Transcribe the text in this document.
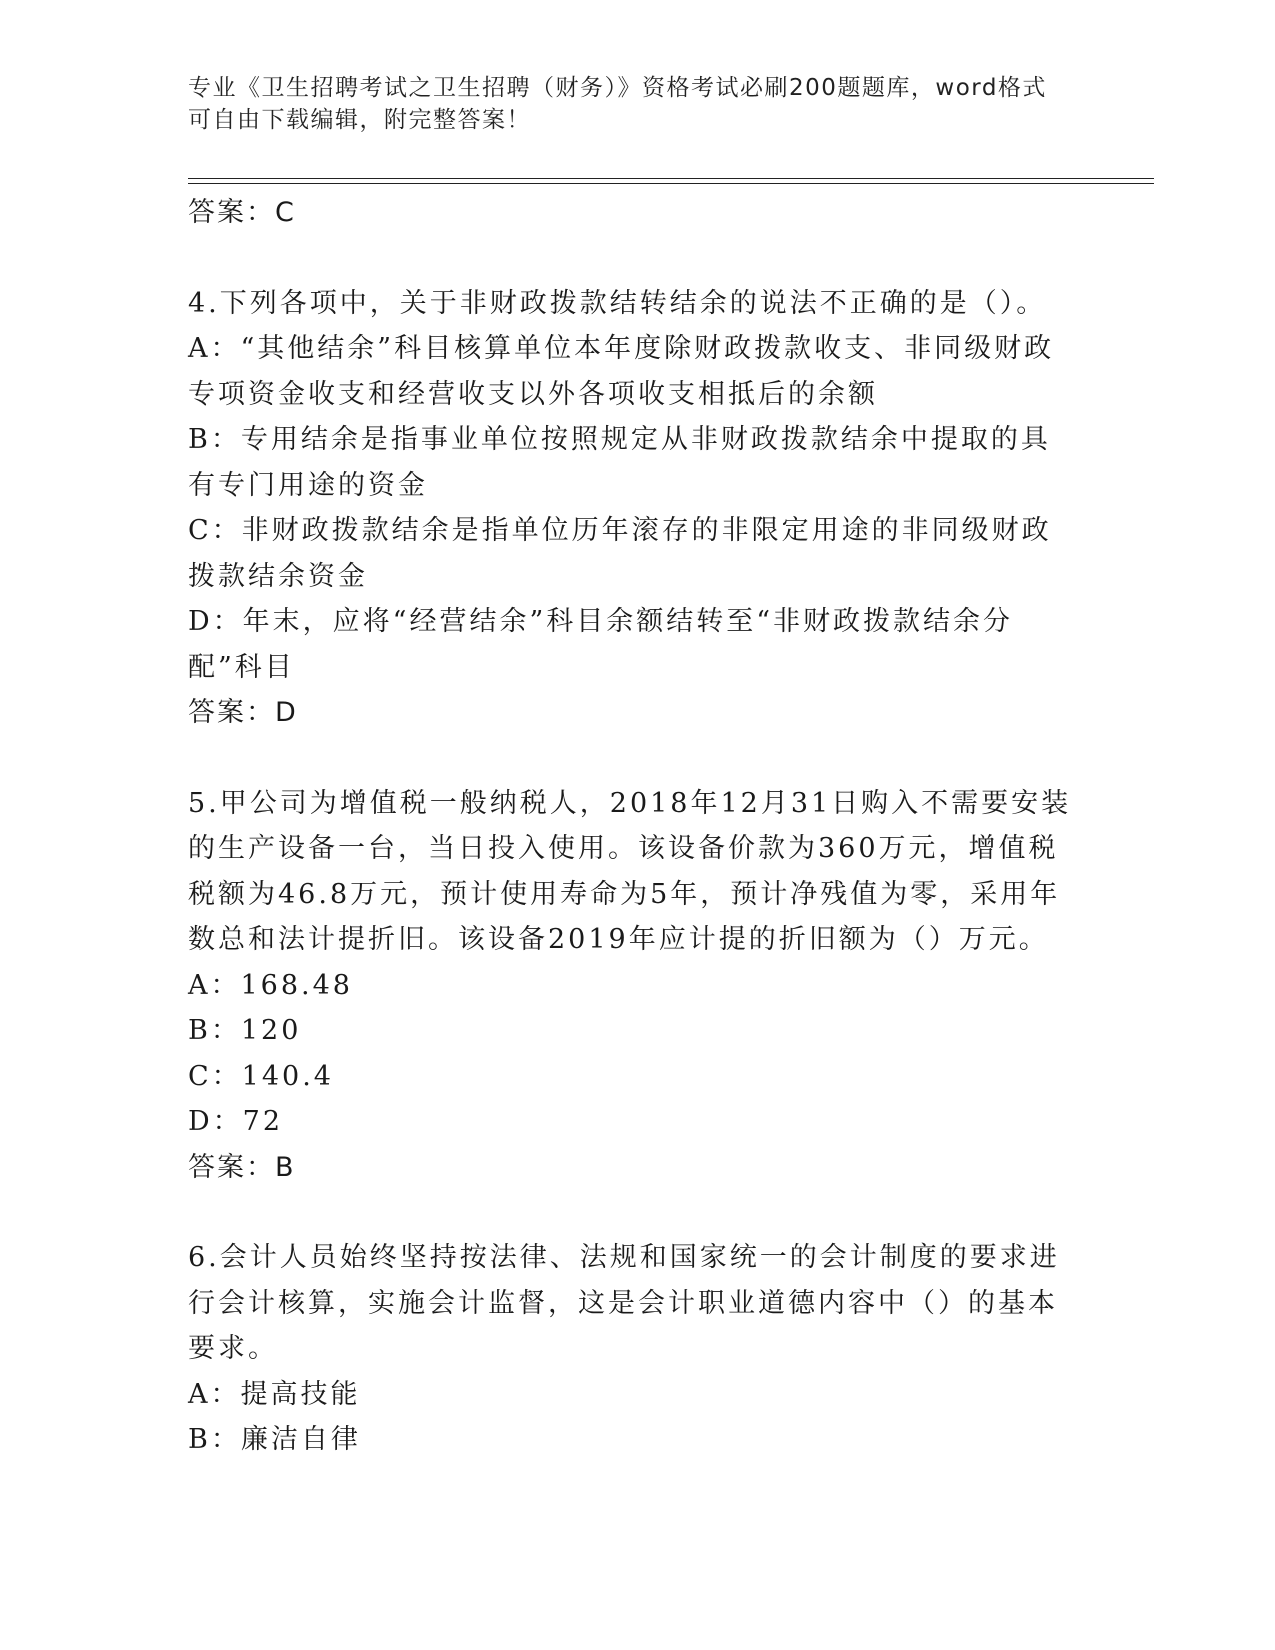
专业《卫生招聘考试之卫生招聘（财务）》资格考试必刷200题题库，word格式
可自由下载编辑，附完整答案！
答案：C
4.下列各项中，关于非财政拨款结转结余的说法不正确的是（）。
A：“其他结余”科目核算单位本年度除财政拨款收支、非同级财政专项资金收支和经营收支以外各项收支相抵后的余额
B：专用结余是指事业单位按照规定从非财政拨款结余中提取的具有专门用途的资金
C：非财政拨款结余是指单位历年滚存的非限定用途的非同级财政拨款结余资金
D：年末，应将“经营结余”科目余额结转至“非财政拨款结余分配”科目
答案：D
5.甲公司为增值税一般纳税人，2018年12月31日购入不需要安装的生产设备一台，当日投入使用。该设备价款为360万元，增值税税额为46.8万元，预计使用寿命为5年，预计净残值为零，采用年数总和法计提折旧。该设备2019年应计提的折旧额为（）万元。
A：168.48
B：120
C：140.4
D：72
答案：B
6.会计人员始终坚持按法律、法规和国家统一的会计制度的要求进行会计核算，实施会计监督，这是会计职业道德内容中（）的基本要求。
A：提高技能
B：廉洁自律
